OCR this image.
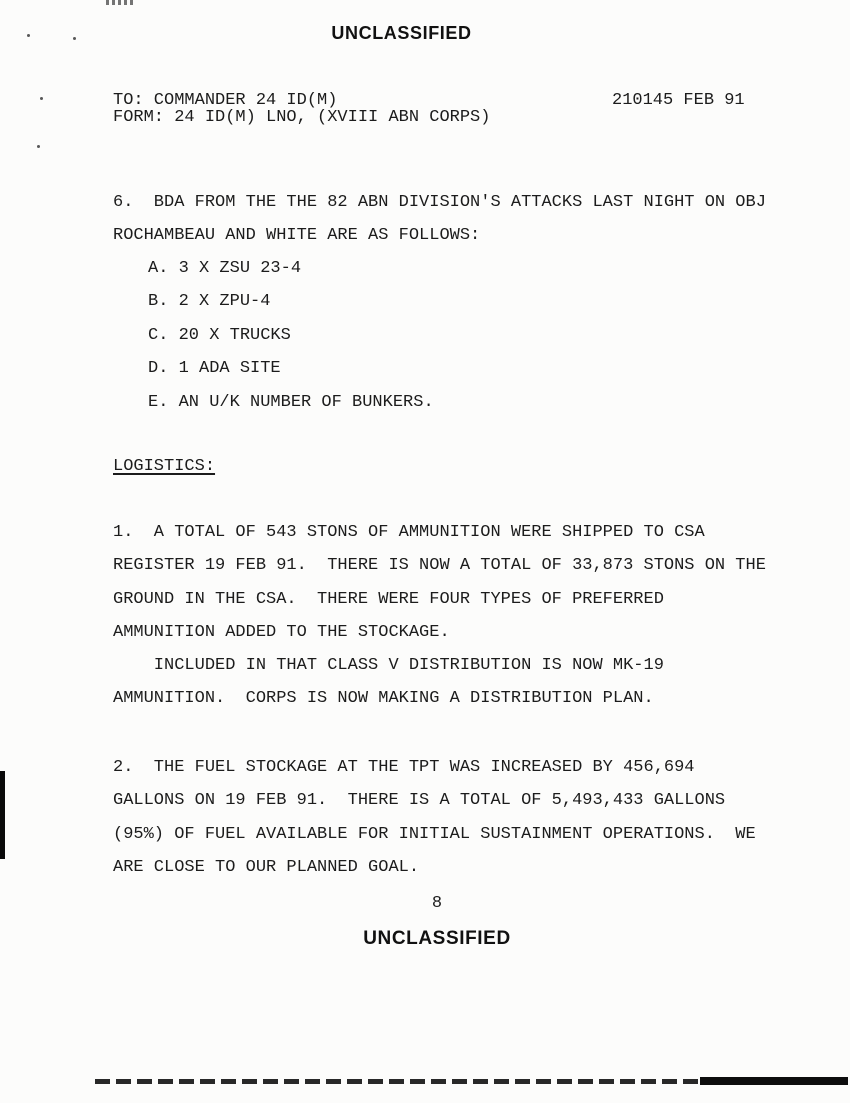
UNCLASSIFIED
TO: COMMANDER 24 ID(M)
FORM: 24 ID(M) LNO, (XVIII ABN CORPS)
210145 FEB 91
6.  BDA FROM THE THE 82 ABN DIVISION'S ATTACKS LAST NIGHT ON OBJ
ROCHAMBEAU AND WHITE ARE AS FOLLOWS:
A. 3 X ZSU 23-4
B. 2 X ZPU-4
C. 20 X TRUCKS
D. 1 ADA SITE
E. AN U/K NUMBER OF BUNKERS.
LOGISTICS:
1.  A TOTAL OF 543 STONS OF AMMUNITION WERE SHIPPED TO CSA
REGISTER 19 FEB 91.  THERE IS NOW A TOTAL OF 33,873 STONS ON THE
GROUND IN THE CSA.  THERE WERE FOUR TYPES OF PREFERRED
AMMUNITION ADDED TO THE STOCKAGE.
INCLUDED IN THAT CLASS V DISTRIBUTION IS NOW MK-19
AMMUNITION.  CORPS IS NOW MAKING A DISTRIBUTION PLAN.
2.  THE FUEL STOCKAGE AT THE TPT WAS INCREASED BY 456,694
GALLONS ON 19 FEB 91.  THERE IS A TOTAL OF 5,493,433 GALLONS
(95%) OF FUEL AVAILABLE FOR INITIAL SUSTAINMENT OPERATIONS.  WE
ARE CLOSE TO OUR PLANNED GOAL.
8
UNCLASSIFIED
